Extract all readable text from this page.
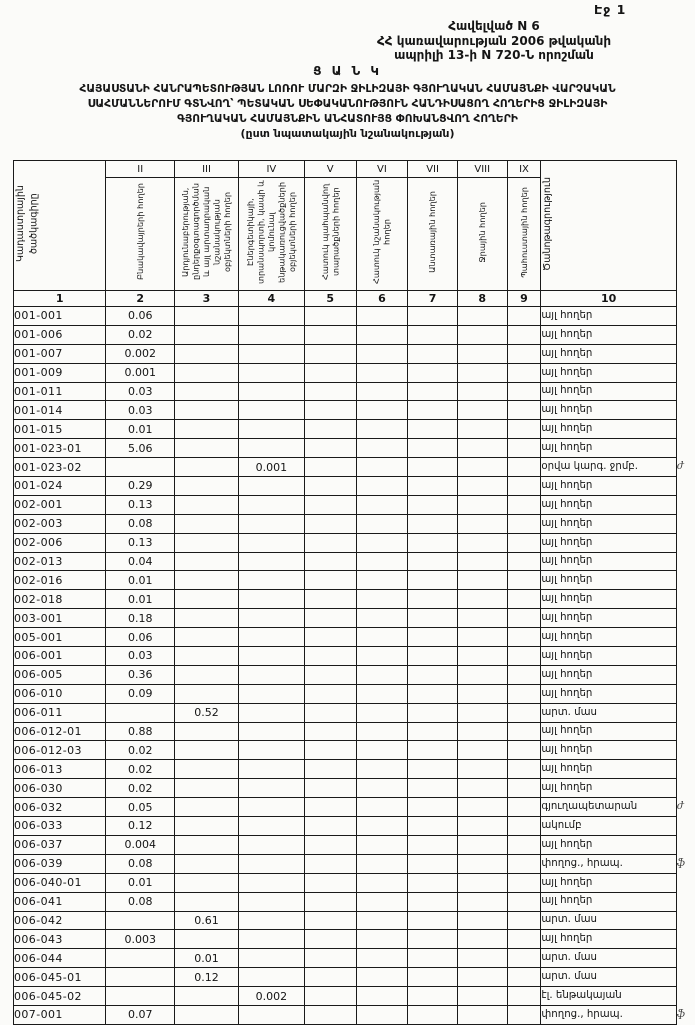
Էջ 1
Հավելված N 6
ՀՀ կառավարության 2006 թվականի
ապրիլի 13-ի N 720-Ն որոշման
Ց Ա Ն Կ
ՀԱՅԱՍՏԱՆԻ ՀԱՆՐԱՊԵՏՈՒԹՅԱՆ ԼՈՌՈՒ ՄԱՐԶԻ ՋԻԼԻԶԱՅԻ ԳՅՈՒՂԱԿԱՆ ՀԱՄԱՅՆՔԻ ՎԱՐՉԱԿԱՆ
ՍԱՀՄԱՆՆԵՐՈՒՄ ԳՏՆՎՈՂ՝ ՊԵՏԱԿԱՆ ՍԵՓԱԿԱՆՈՒԹՅՈՒՆ ՀԱՆԴԻՍԱՑՈՂ ՀՈՂԵՐԻՑ ՋԻԼԻԶԱՅԻ
ԳՅՈՒՂԱԿԱՆ ՀԱՄԱՅՆՔԻՆ ԱՆՀԱՏՈՒՅՑ ՓՈԽԱՆՑՎՈՂ ՀՈՂԵՐԻ
(ըստ նպատակային նշանակության)
Կադաստրային ծածկագիրը	II	III	IV	V	VI	VII	VIII	IX	Ծանոթագրություն	
	Բնակավայրերի հողեր	Արդյունաբերության, ընդերքօգտագործման և այլ արտադրական նշանակության օբյեկտների հողեր	Էներգետիկայի, տրանսպորտի, կապի և կոմունալ ենթակառուցվածքների օբյեկտների հողեր	Հատուկ պահպանվող տարածքների հողեր	Հատուկ նշանակության հողեր	Անտառային հողեր	Ջրային հողեր	Պահուստային հողեր		
1	2	3	4	5	6	7	8	9	10	
001-001	0.06								այլ հողեր	
001-006	0.02								այլ հողեր	
001-007	0.002								այլ հողեր	
001-009	0.001								այլ հողեր	
001-011	0.03								այլ հողեր	
001-014	0.03								այլ հողեր	
001-015	0.01								այլ հողեր	
001-023-01	5.06								այլ հողեր	
001-023-02			0.001						օրվա կարգ. ջրմբ.	ժ
001-024	0.29								այլ հողեր	
002-001	0.13								այլ հողեր	
002-003	0.08								այլ հողեր	
002-006	0.13								այլ հողեր	
002-013	0.04								այլ հողեր	
002-016	0.01								այլ հողեր	
002-018	0.01								այլ հողեր	
003-001	0.18								այլ հողեր	
005-001	0.06								այլ հողեր	
006-001	0.03								այլ հողեր	
006-005	0.36								այլ հողեր	
006-010	0.09								այլ հողեր	
006-011		0.52							արտ. մաս	
006-012-01	0.88								այլ հողեր	
006-012-03	0.02								այլ հողեր	
006-013	0.02								այլ հողեր	
006-030	0.02								այլ հողեր	
006-032	0.05								գյուղապետարան	ժ
006-033	0.12								ակումբ	
006-037	0.004								այլ հողեր	
006-039	0.08								փողոց., հրապ.	ֆ
006-040-01	0.01								այլ հողեր	
006-041	0.08								այլ հողեր	
006-042		0.61							արտ. մաս	
006-043	0.003								այլ հողեր	
006-044		0.01							արտ. մաս	
006-045-01		0.12							արտ. մաս	
006-045-02			0.002						էլ. ենթակայան	
007-001	0.07								փողոց., հրապ.	ֆ
